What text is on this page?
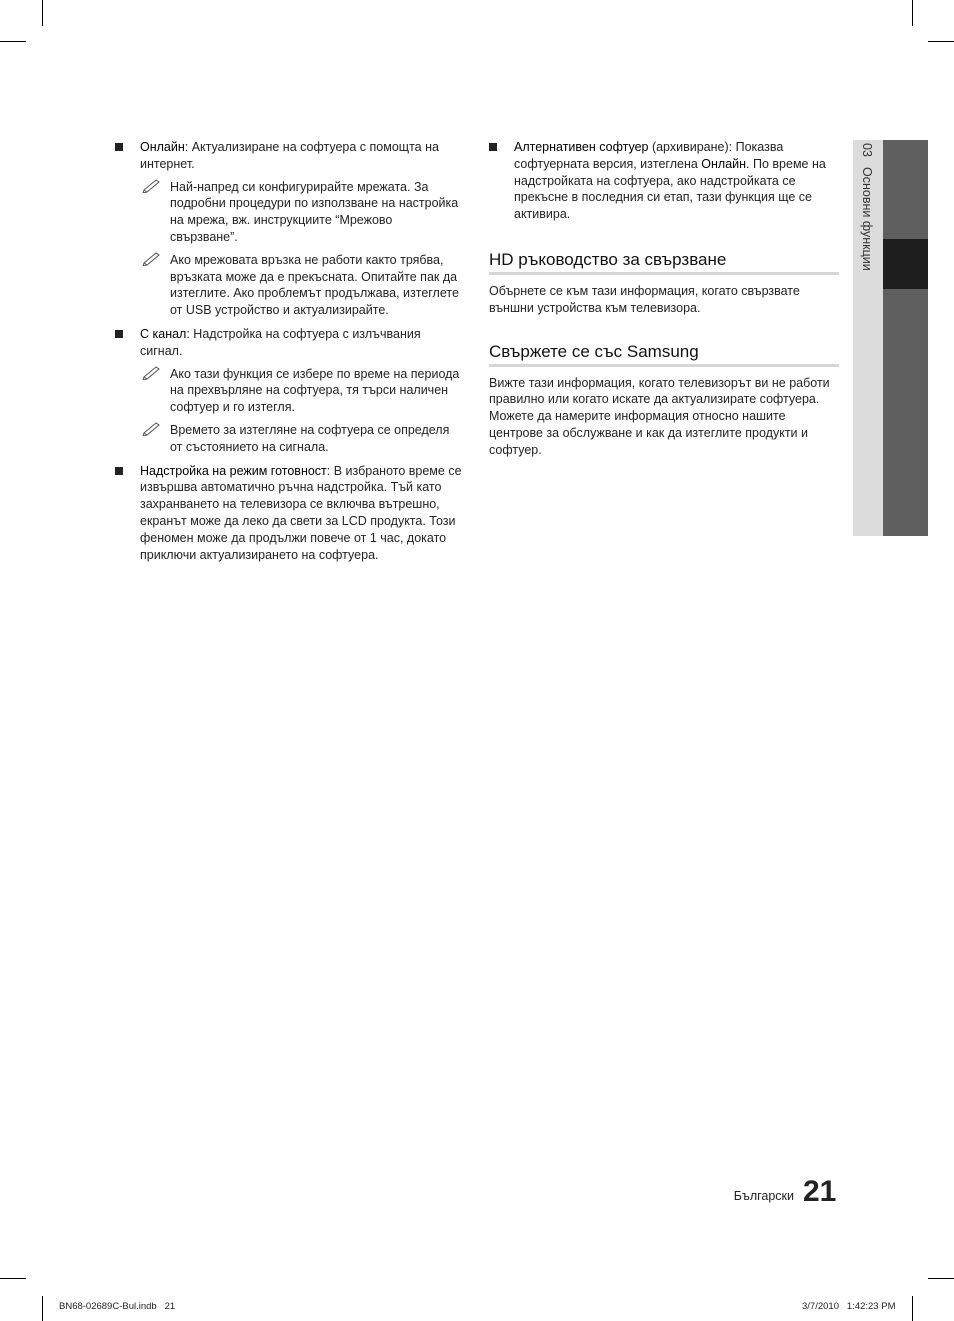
Онлайн: Актуализиране на софтуера с помощта на интернет.
Най-напред си конфигурирайте мрежата. За подробни процедури по използване на настройка на мрежа, вж. инструкциите “Мрежово свързване”.
Ако мрежовата връзка не работи както трябва, връзката може да е прекъсната. Опитайте пак да изтеглите. Ако проблемът продължава, изтеглете от USB устройство и актуализирайте.
С канал: Надстройка на софтуера с излъчвания сигнал.
Ако тази функция се избере по време на периода на прехвърляне на софтуера, тя търси наличен софтуер и го изтегля.
Времето за изтегляне на софтуера се определя от състоянието на сигнала.
Надстройка на режим готовност: В избраното време се извършва автоматично ръчна надстройка. Тъй като захранването на телевизора се включва вътрешно, екранът може да леко да свети за LCD продукта. Този феномен може да продължи повече от 1 час, докато приключи актуализирането на софтуера.
Алтернативен софтуер (архивиране): Показва софтуерната версия, изтеглена Онлайн. По време на надстройката на софтуера, ако надстройката се прекъсне в последния си етап, тази функция ще се активира.
HD ръководство за свързване
Обърнете се към тази информация, когато свързвате външни устройства към телевизора.
Свържете се със Samsung
Вижте тази информация, когато телевизорът ви не работи правилно или когато искате да актуализирате софтуера. Можете да намерите информация относно нашите центрове за обслужване и как да изтеглите продукти и софтуер.
03   Основни функции
Български 21
BN68-02689C-Bul.indb   21	3/7/2010   1:42:23 PM
